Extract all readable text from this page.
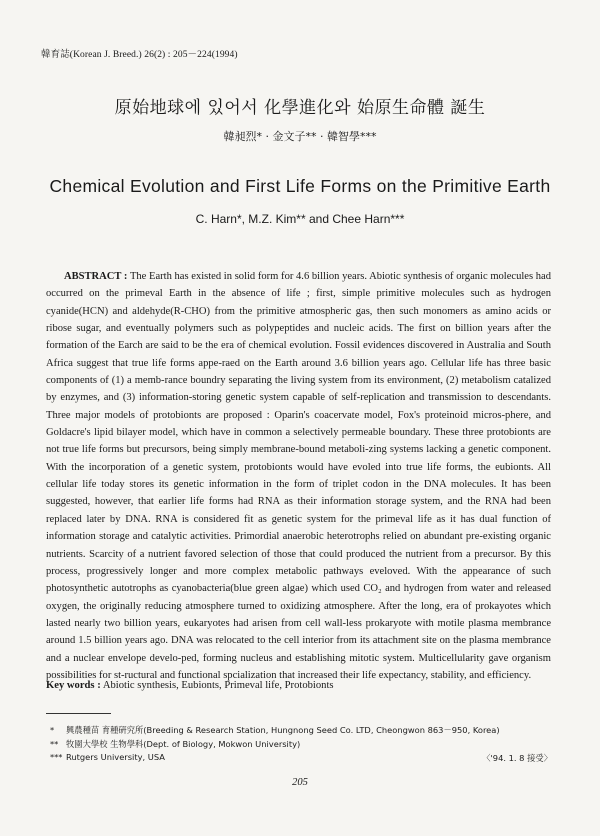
韓育誌(Korean J. Breed.) 26(2) : 205－224(1994)
原始地球에 있어서 化學進化와 始原生命體 誕生
韓昶烈* · 金文子** · 韓智學***
Chemical Evolution and First Life Forms on the Primitive Earth
C. Harn*, M.Z. Kim** and Chee Harn***

ABSTRACT : The Earth has existed in solid form for 4.6 billion years. Abiotic synthesis of organic molecules had occurred on the primeval Earth in the absence of life ; first, simple primitive molecules such as hydrogen cyanide(HCN) and aldehyde(R-CHO) from the primitive atmospheric gas, then such monomers as amino acids or ribose sugar, and eventually polymers such as polypeptides and nucleic acids. The first on billion years after the formation of the Earch are said to be the era of chemical evolution. Fossil evidences discovered in Australia and South Africa suggest that true life forms appe-raed on the Earth around 3.6 billion years ago. Cellular life has three basic components of (1) a memb-rance boundry separating the living system from its environment, (2) metabolism catalized by enzymes, and (3) information-storing genetic system capable of self-replication and transmission to descendants. Three major models of protobionts are proposed : Oparin's coacervate model, Fox's proteinoid micros-phere, and Goldacre's lipid bilayer model, which have in common a selectively permeable boundary. These three protobionts are not true life forms but precursors, being simply membrane-bound metaboli-zing systems lacking a genetic component. With the incorporation of a genetic system, protobionts would have evoled into true life forms, the eubionts. All cellular life today stores its genetic information in the form of triplet codon in the DNA molecules. It has been suggested, however, that earlier life forms had RNA as their information storage system, and the RNA had been replaced later by DNA. RNA is considered fit as genetic system for the primeval life as it has dual function of information storage and catalytic activities. Primordial anaerobic heterotrophs relied on abundant pre-existing organic nutrients. Scarcity of a nutrient favored selection of those that could produced the nutrient from a precursor. By this process, progressively longer and more complex metabolic pathways eveloved. With the appearance of such photosynthetic autotrophs as cyanobacteria(blue green algae) which used CO₂ and hydrogen from water and released oxygen, the originally reducing atmosphere turned to oxidizing atmosphere. After the long, era of prokayotes which lasted nearly two billion years, eukaryotes had arisen from cell wall-less prokaryote with motile plasma membrance around 1.5 billion years ago. DNA was relocated to the cell interior from its attachment site on the plasma membrance and a nuclear envelope develo-ped, forming nucleus and establishing mitotic system. Multicellularity gave organism possibilities for st-ructural and functional spcialization that increased their life expectancy, stability, and efficiency.

Key words : Abiotic synthesis, Eubionts, Primeval life, Protobionts
* 興農種苗 育種硏究所(Breeding & Research Station, Hungnong Seed Co. LTD, Cheongwon 863－950, Korea)
** 牧園大學校 生物學科(Dept. of Biology, Mokwon University)
*** Rutgers University, USA	〈'94. 1. 8 接受〉
205
